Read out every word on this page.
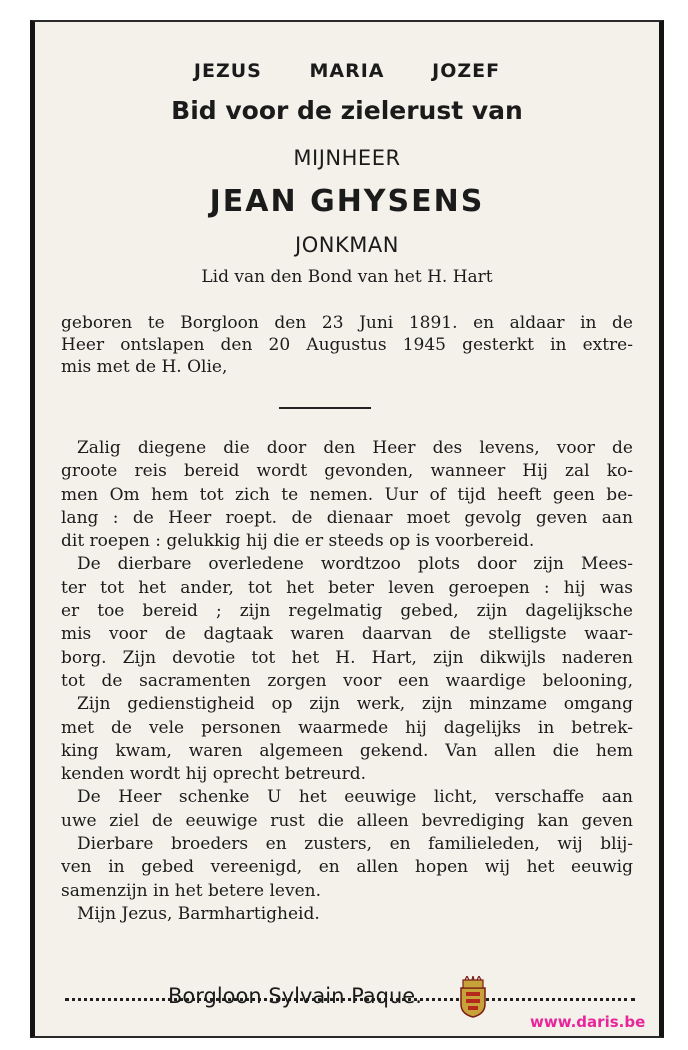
JEZUS	MARIA	JOZEF
Bid voor de zielerust van
MIJNHEER
JEAN GHYSENS
JONKMAN
Lid van den Bond van het H. Hart
geboren te Borgloon den 23 Juni 1891. en aldaar in de
Heer ontslapen den 20 Augustus 1945 gesterkt in extre-
mis met de H. Olie,
Zalig diegene die door den Heer des levens, voor de
groote reis bereid wordt gevonden, wanneer Hij zal ko-
men Om hem tot zich te nemen. Uur of tijd heeft geen be-
lang : de Heer roept. de dienaar moet gevolg geven aan
dit roepen : gelukkig hij die er steeds op is voorbereid.
De dierbare overledene wordtzoo plots door zijn Mees-
ter tot het ander, tot het beter leven geroepen : hij was
er toe bereid ; zijn regelmatig gebed, zijn dagelijksche
mis voor de dagtaak waren daarvan de stelligste waar-
borg. Zijn devotie tot het H. Hart, zijn dikwijls naderen
tot de sacramenten zorgen voor een waardige belooning,
Zijn gedienstigheid op zijn werk, zijn minzame omgang
met de vele personen waarmede hij dagelijks in betrek-
king kwam, waren algemeen gekend. Van allen die hem
kenden wordt hij oprecht betreurd.
De Heer schenke U het eeuwige licht, verschaffe aan
uwe ziel de eeuwige rust die alleen bevrediging kan geven
Dierbare broeders en zusters, en familieleden, wij blij-
ven in gebed vereenigd, en allen hopen wij het eeuwig
samenzijn in het betere leven.
Mijn Jezus, Barmhartigheid.
Borgloon Sylvain Paque.
www.daris.be
